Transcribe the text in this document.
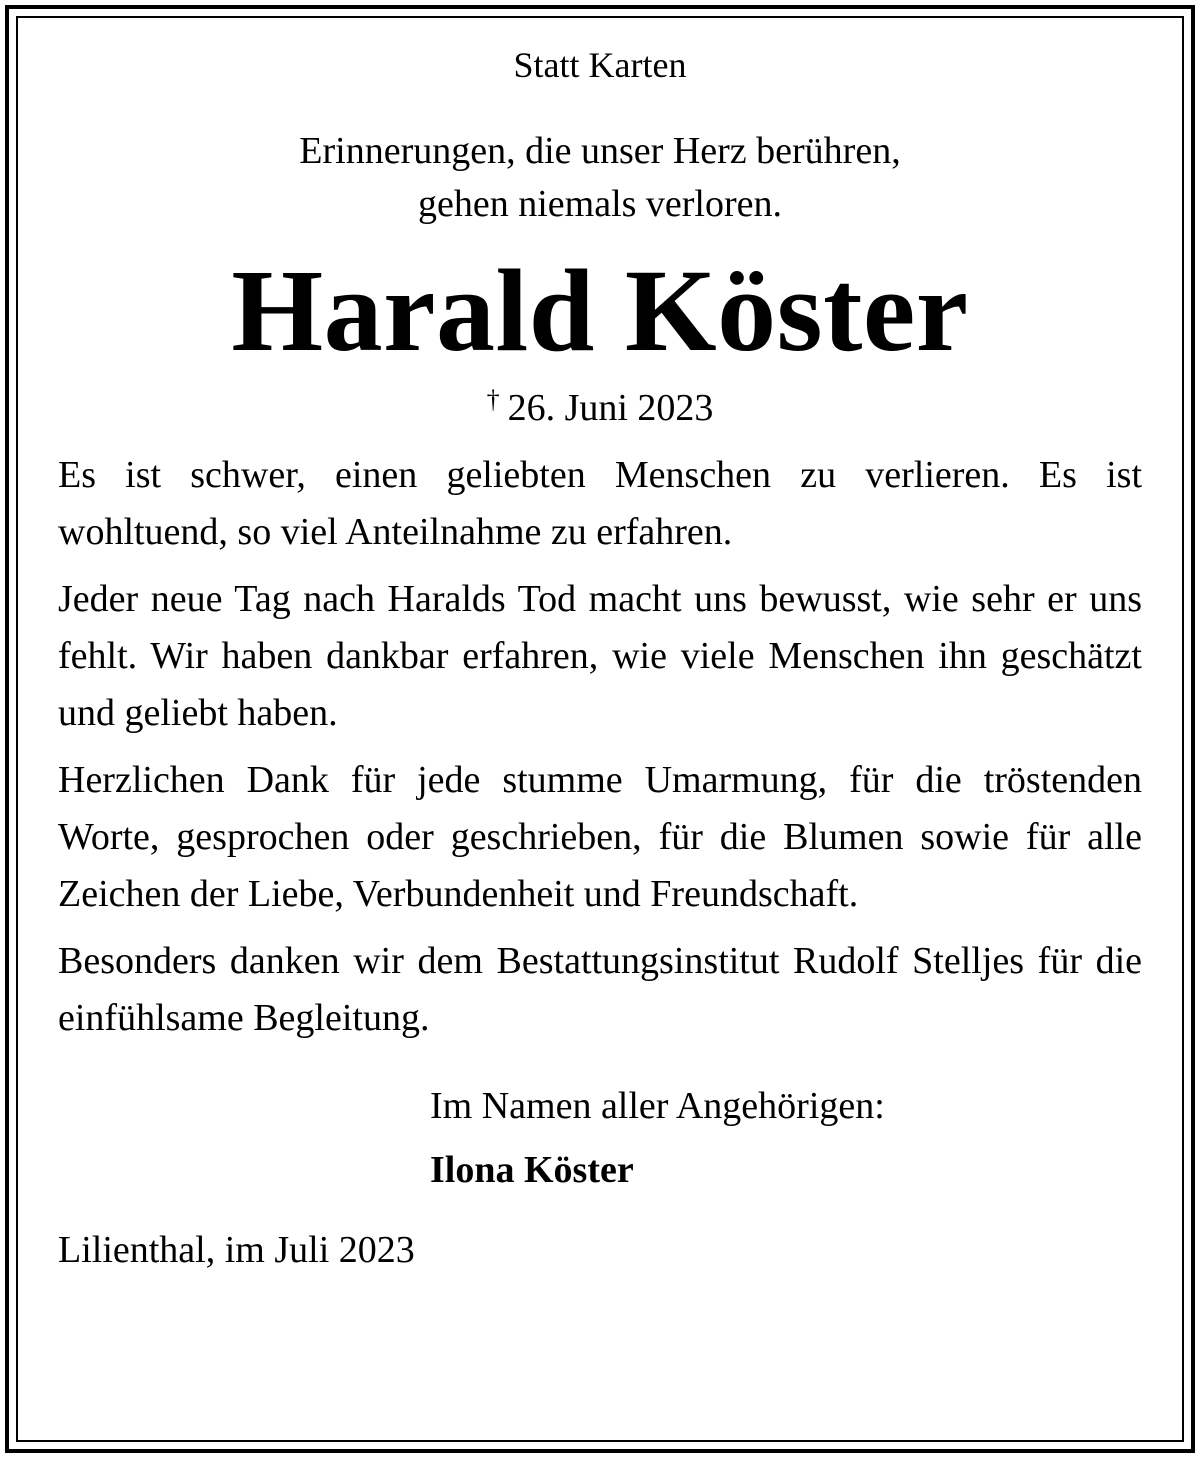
Statt Karten

Erinnerungen, die unser Herz berühren,
gehen niemals verloren.

Harald Köster

† 26. Juni 2023

Es ist schwer, einen geliebten Menschen zu verlieren. Es ist wohltuend, so viel Anteilnahme zu erfahren.

Jeder neue Tag nach Haralds Tod macht uns bewusst, wie sehr er uns fehlt. Wir haben dankbar erfahren, wie viele Menschen ihn geschätzt und geliebt haben.

Herzlichen Dank für jede stumme Umarmung, für die tröstenden Worte, gesprochen oder geschrieben, für die Blumen sowie für alle Zeichen der Liebe, Verbundenheit und Freundschaft.

Besonders danken wir dem Bestattungsinstitut Rudolf Stelljes für die einfühlsame Begleitung.

Im Namen aller Angehörigen:
Ilona Köster

Lilienthal, im Juli 2023
